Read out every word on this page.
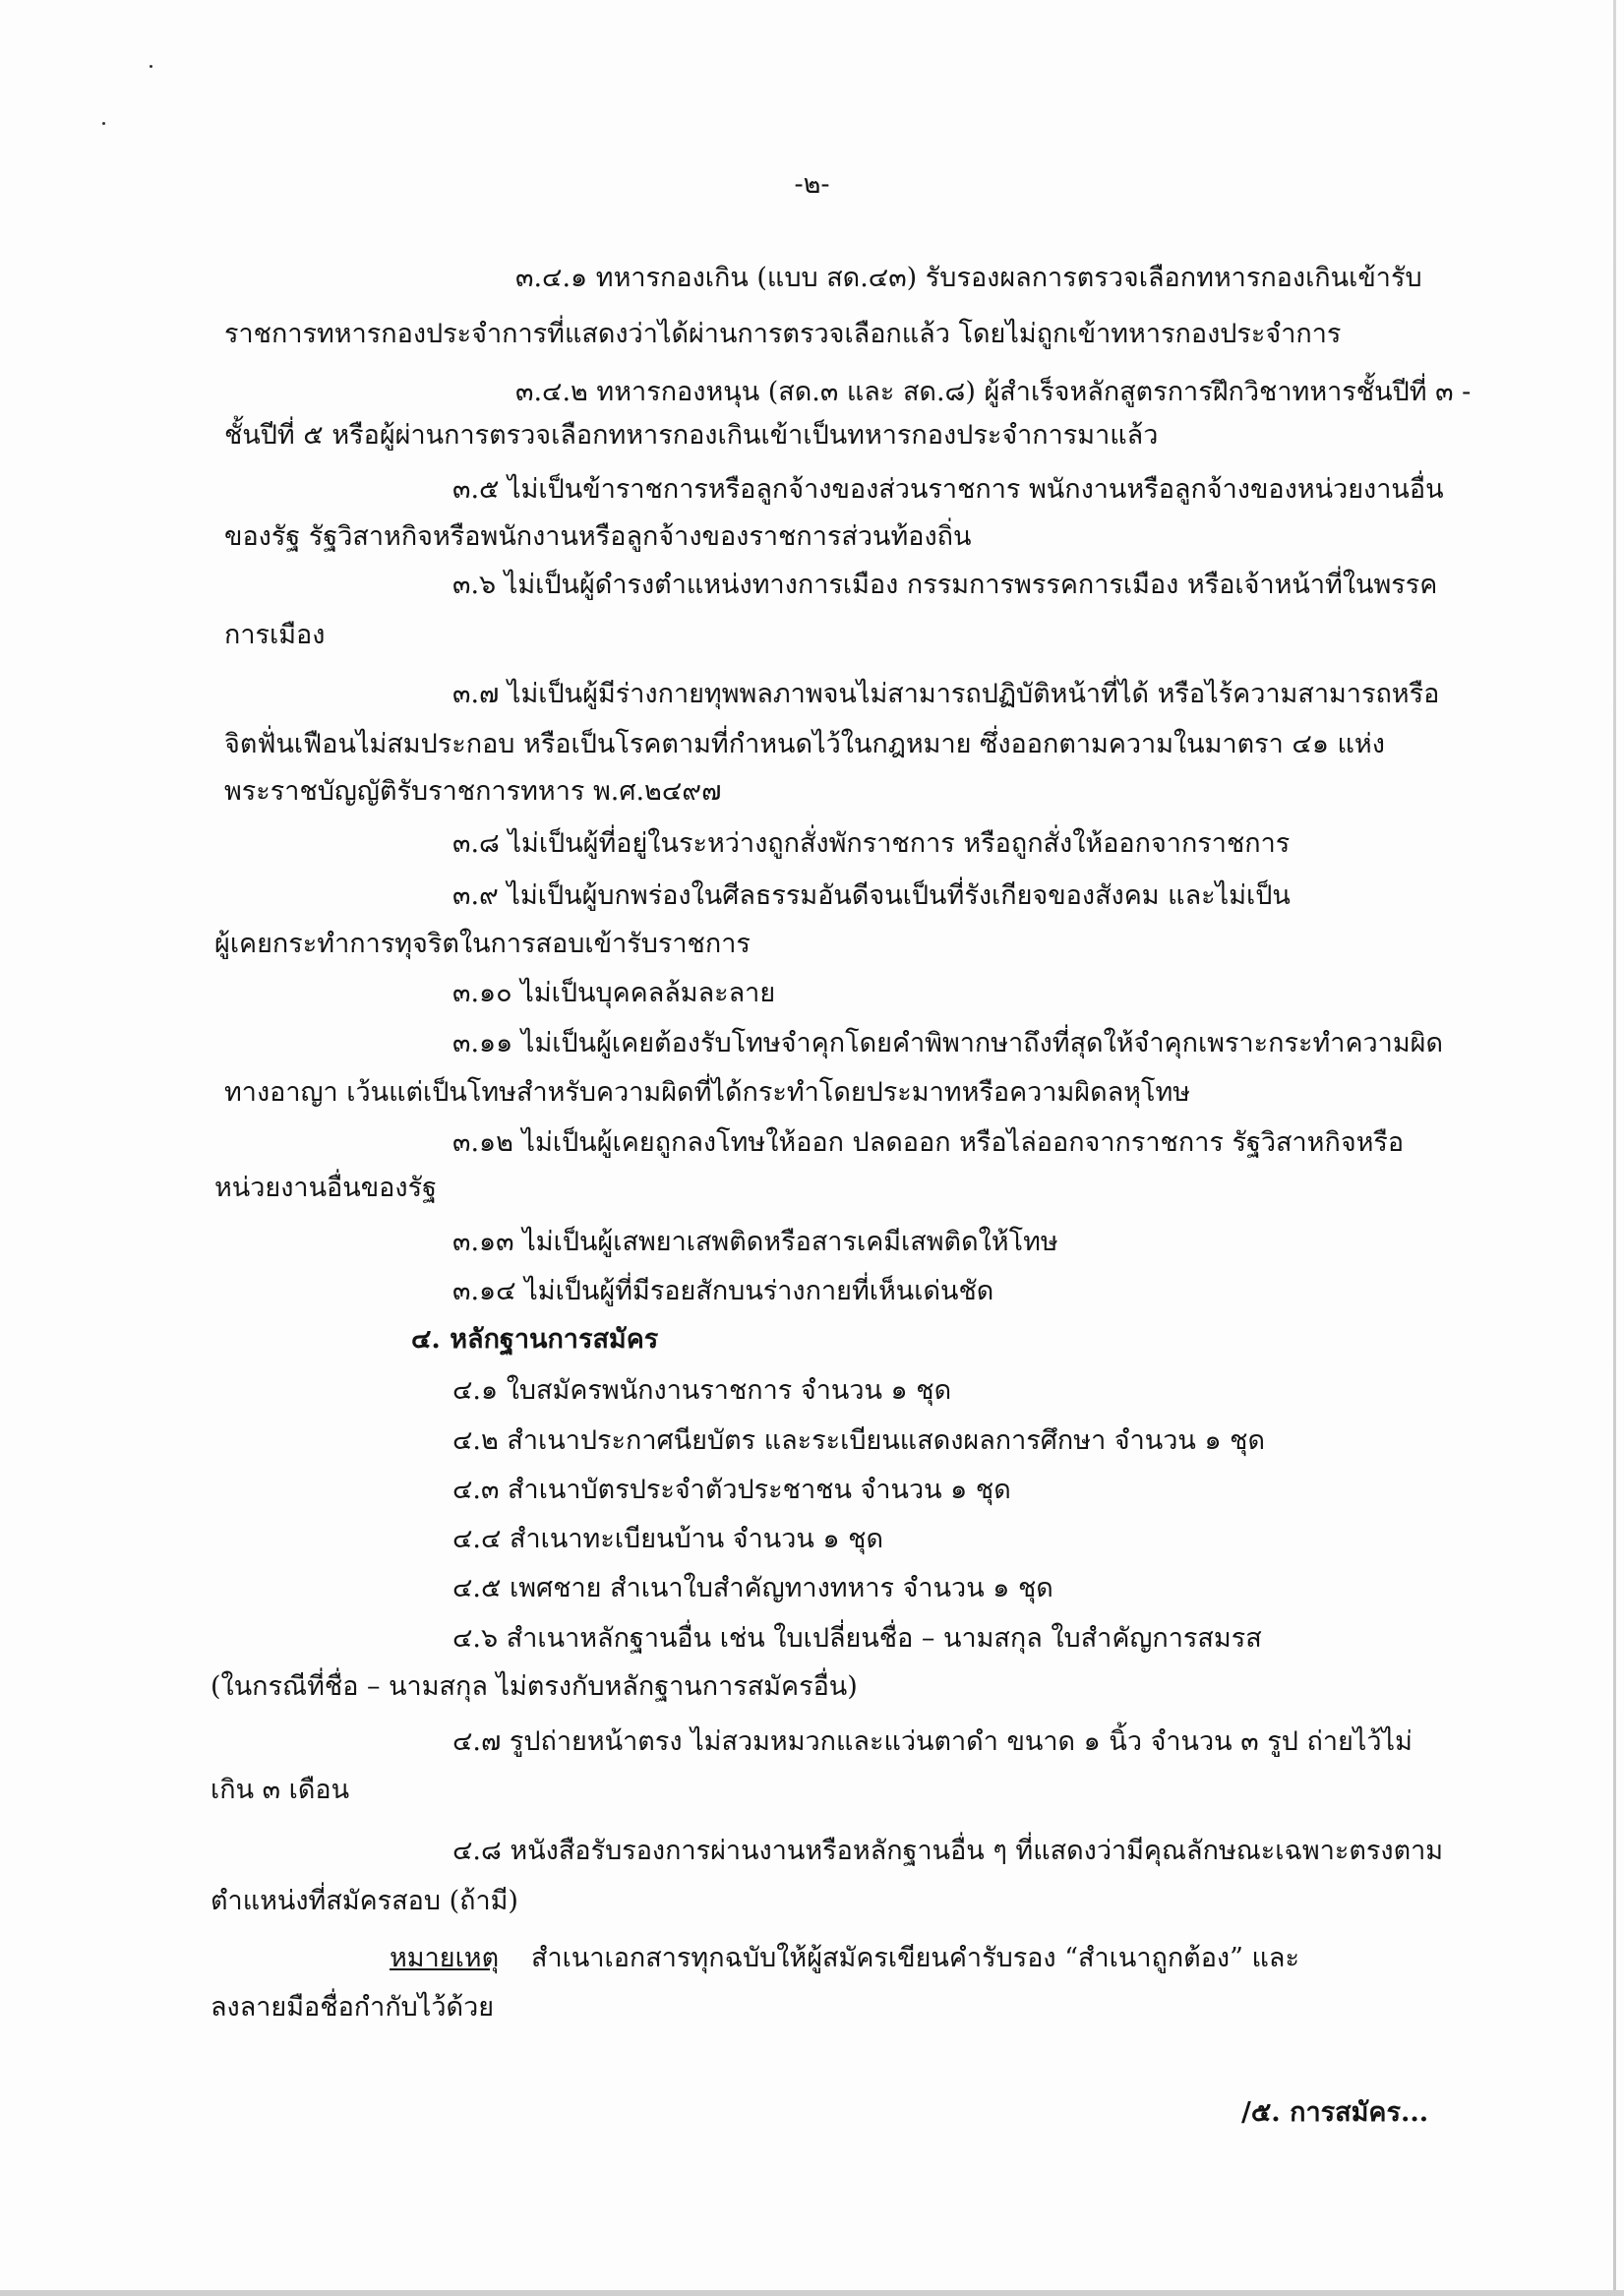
-๒-
๓.๔.๑ ทหารกองเกิน (แบบ สด.๔๓) รับรองผลการตรวจเลือกทหารกองเกินเข้ารับ
ราชการทหารกองประจำการที่แสดงว่าได้ผ่านการตรวจเลือกแล้ว โดยไม่ถูกเข้าทหารกองประจำการ
๓.๔.๒ ทหารกองหนุน (สด.๓ และ สด.๘) ผู้สำเร็จหลักสูตรการฝึกวิชาทหารชั้นปีที่ ๓ -
ชั้นปีที่ ๕ หรือผู้ผ่านการตรวจเลือกทหารกองเกินเข้าเป็นทหารกองประจำการมาแล้ว
๓.๕ ไม่เป็นข้าราชการหรือลูกจ้างของส่วนราชการ พนักงานหรือลูกจ้างของหน่วยงานอื่น
ของรัฐ รัฐวิสาหกิจหรือพนักงานหรือลูกจ้างของราชการส่วนท้องถิ่น
๓.๖ ไม่เป็นผู้ดำรงตำแหน่งทางการเมือง กรรมการพรรคการเมือง หรือเจ้าหน้าที่ในพรรค
การเมือง
๓.๗ ไม่เป็นผู้มีร่างกายทุพพลภาพจนไม่สามารถปฏิบัติหน้าที่ได้ หรือไร้ความสามารถหรือ
จิตฟั่นเฟือนไม่สมประกอบ หรือเป็นโรคตามที่กำหนดไว้ในกฎหมาย ซึ่งออกตามความในมาตรา ๔๑ แห่ง
พระราชบัญญัติรับราชการทหาร พ.ศ.๒๔๙๗
๓.๘ ไม่เป็นผู้ที่อยู่ในระหว่างถูกสั่งพักราชการ หรือถูกสั่งให้ออกจากราชการ
๓.๙ ไม่เป็นผู้บกพร่องในศีลธรรมอันดีจนเป็นที่รังเกียจของสังคม และไม่เป็น
ผู้เคยกระทำการทุจริตในการสอบเข้ารับราชการ
๓.๑๐ ไม่เป็นบุคคลล้มละลาย
๓.๑๑ ไม่เป็นผู้เคยต้องรับโทษจำคุกโดยคำพิพากษาถึงที่สุดให้จำคุกเพราะกระทำความผิด
ทางอาญา เว้นแต่เป็นโทษสำหรับความผิดที่ได้กระทำโดยประมาทหรือความผิดลหุโทษ
๓.๑๒ ไม่เป็นผู้เคยถูกลงโทษให้ออก ปลดออก หรือไล่ออกจากราชการ รัฐวิสาหกิจหรือ
หน่วยงานอื่นของรัฐ
๓.๑๓ ไม่เป็นผู้เสพยาเสพติดหรือสารเคมีเสพติดให้โทษ
๓.๑๔ ไม่เป็นผู้ที่มีรอยสักบนร่างกายที่เห็นเด่นชัด
๔. หลักฐานการสมัคร
๔.๑ ใบสมัครพนักงานราชการ จำนวน ๑ ชุด
๔.๒ สำเนาประกาศนียบัตร และระเบียนแสดงผลการศึกษา จำนวน ๑ ชุด
๔.๓ สำเนาบัตรประจำตัวประชาชน จำนวน ๑ ชุด
๔.๔ สำเนาทะเบียนบ้าน จำนวน ๑ ชุด
๔.๕ เพศชาย สำเนาใบสำคัญทางทหาร จำนวน ๑ ชุด
๔.๖ สำเนาหลักฐานอื่น เช่น ใบเปลี่ยนชื่อ – นามสกุล ใบสำคัญการสมรส
(ในกรณีที่ชื่อ – นามสกุล ไม่ตรงกับหลักฐานการสมัครอื่น)
๔.๗ รูปถ่ายหน้าตรง ไม่สวมหมวกและแว่นตาดำ ขนาด ๑ นิ้ว จำนวน ๓ รูป ถ่ายไว้ไม่
เกิน ๓ เดือน
๔.๘ หนังสือรับรองการผ่านงานหรือหลักฐานอื่น ๆ ที่แสดงว่ามีคุณลักษณะเฉพาะตรงตาม
ตำแหน่งที่สมัครสอบ (ถ้ามี)
หมายเหตุ สำเนาเอกสารทุกฉบับให้ผู้สมัครเขียนคำรับรอง “สำเนาถูกต้อง” และ
ลงลายมือชื่อกำกับไว้ด้วย
/๕. การสมัคร...
